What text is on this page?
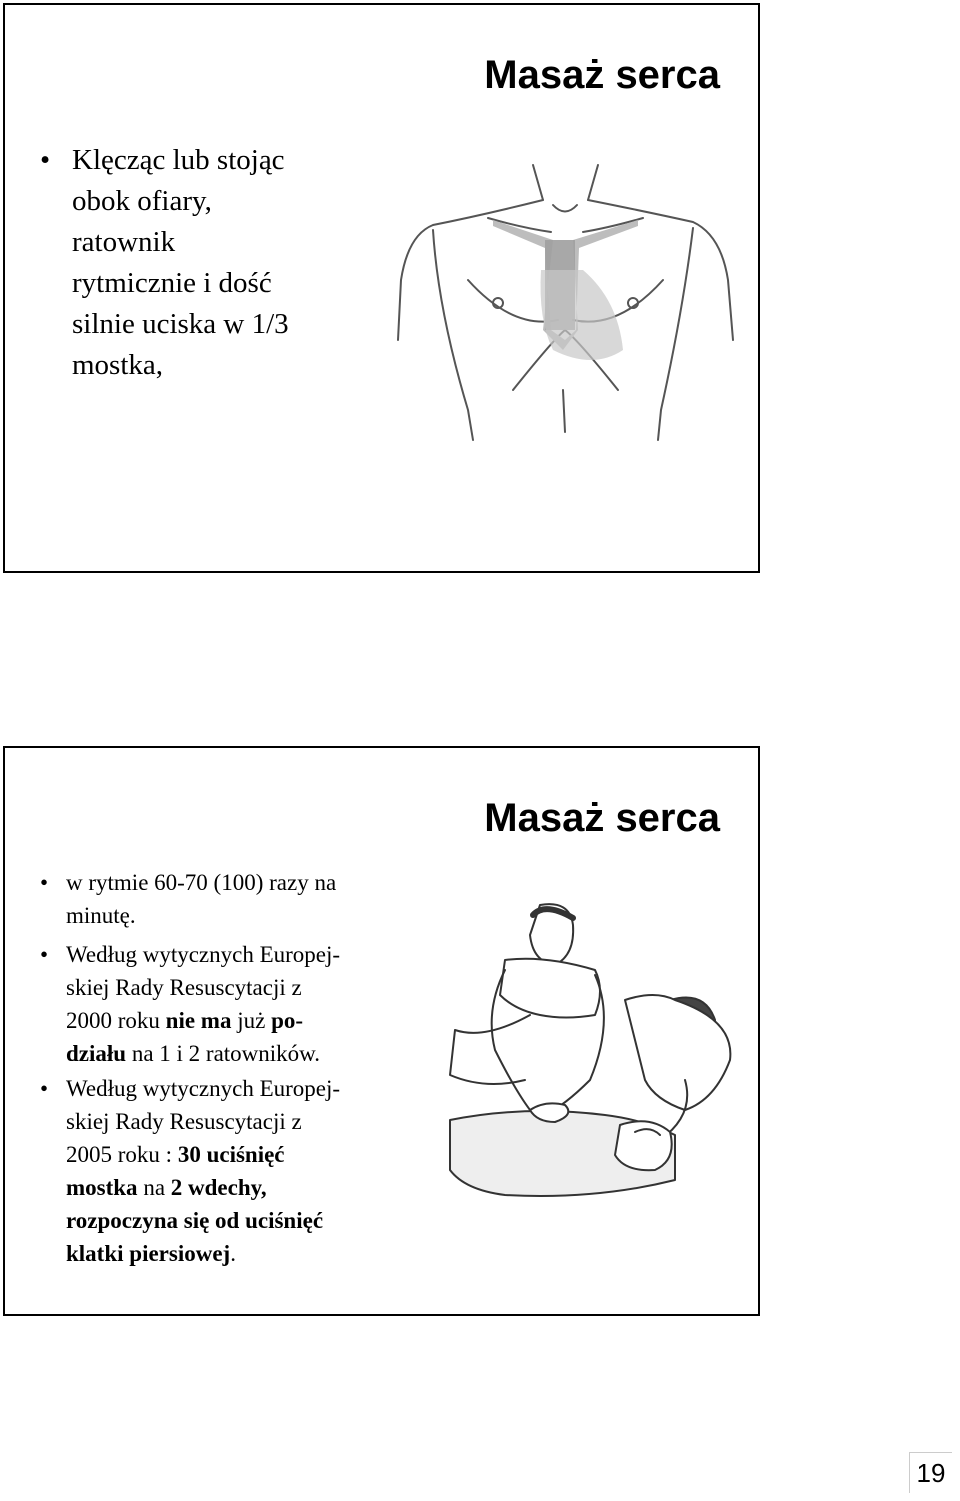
Masaż serca
• Klęcząc lub stojąc
obok ofiary,
ratownik
rytmicznie i dość
silnie uciska w 1/3
mostka,
Masaż serca
• w rytmie 60-70 (100) razy na
minutę.
• Według wytycznych Europej-
skiej Rady Resuscytacji z
2000 roku nie ma już po-
działu na 1 i 2 ratowników.
• Według wytycznych Europej-
skiej Rady Resuscytacji z
2005 roku : 30 uciśnięć
mostka na 2 wdechy,
rozpoczyna się od uciśnięć
klatki piersiowej.
19
